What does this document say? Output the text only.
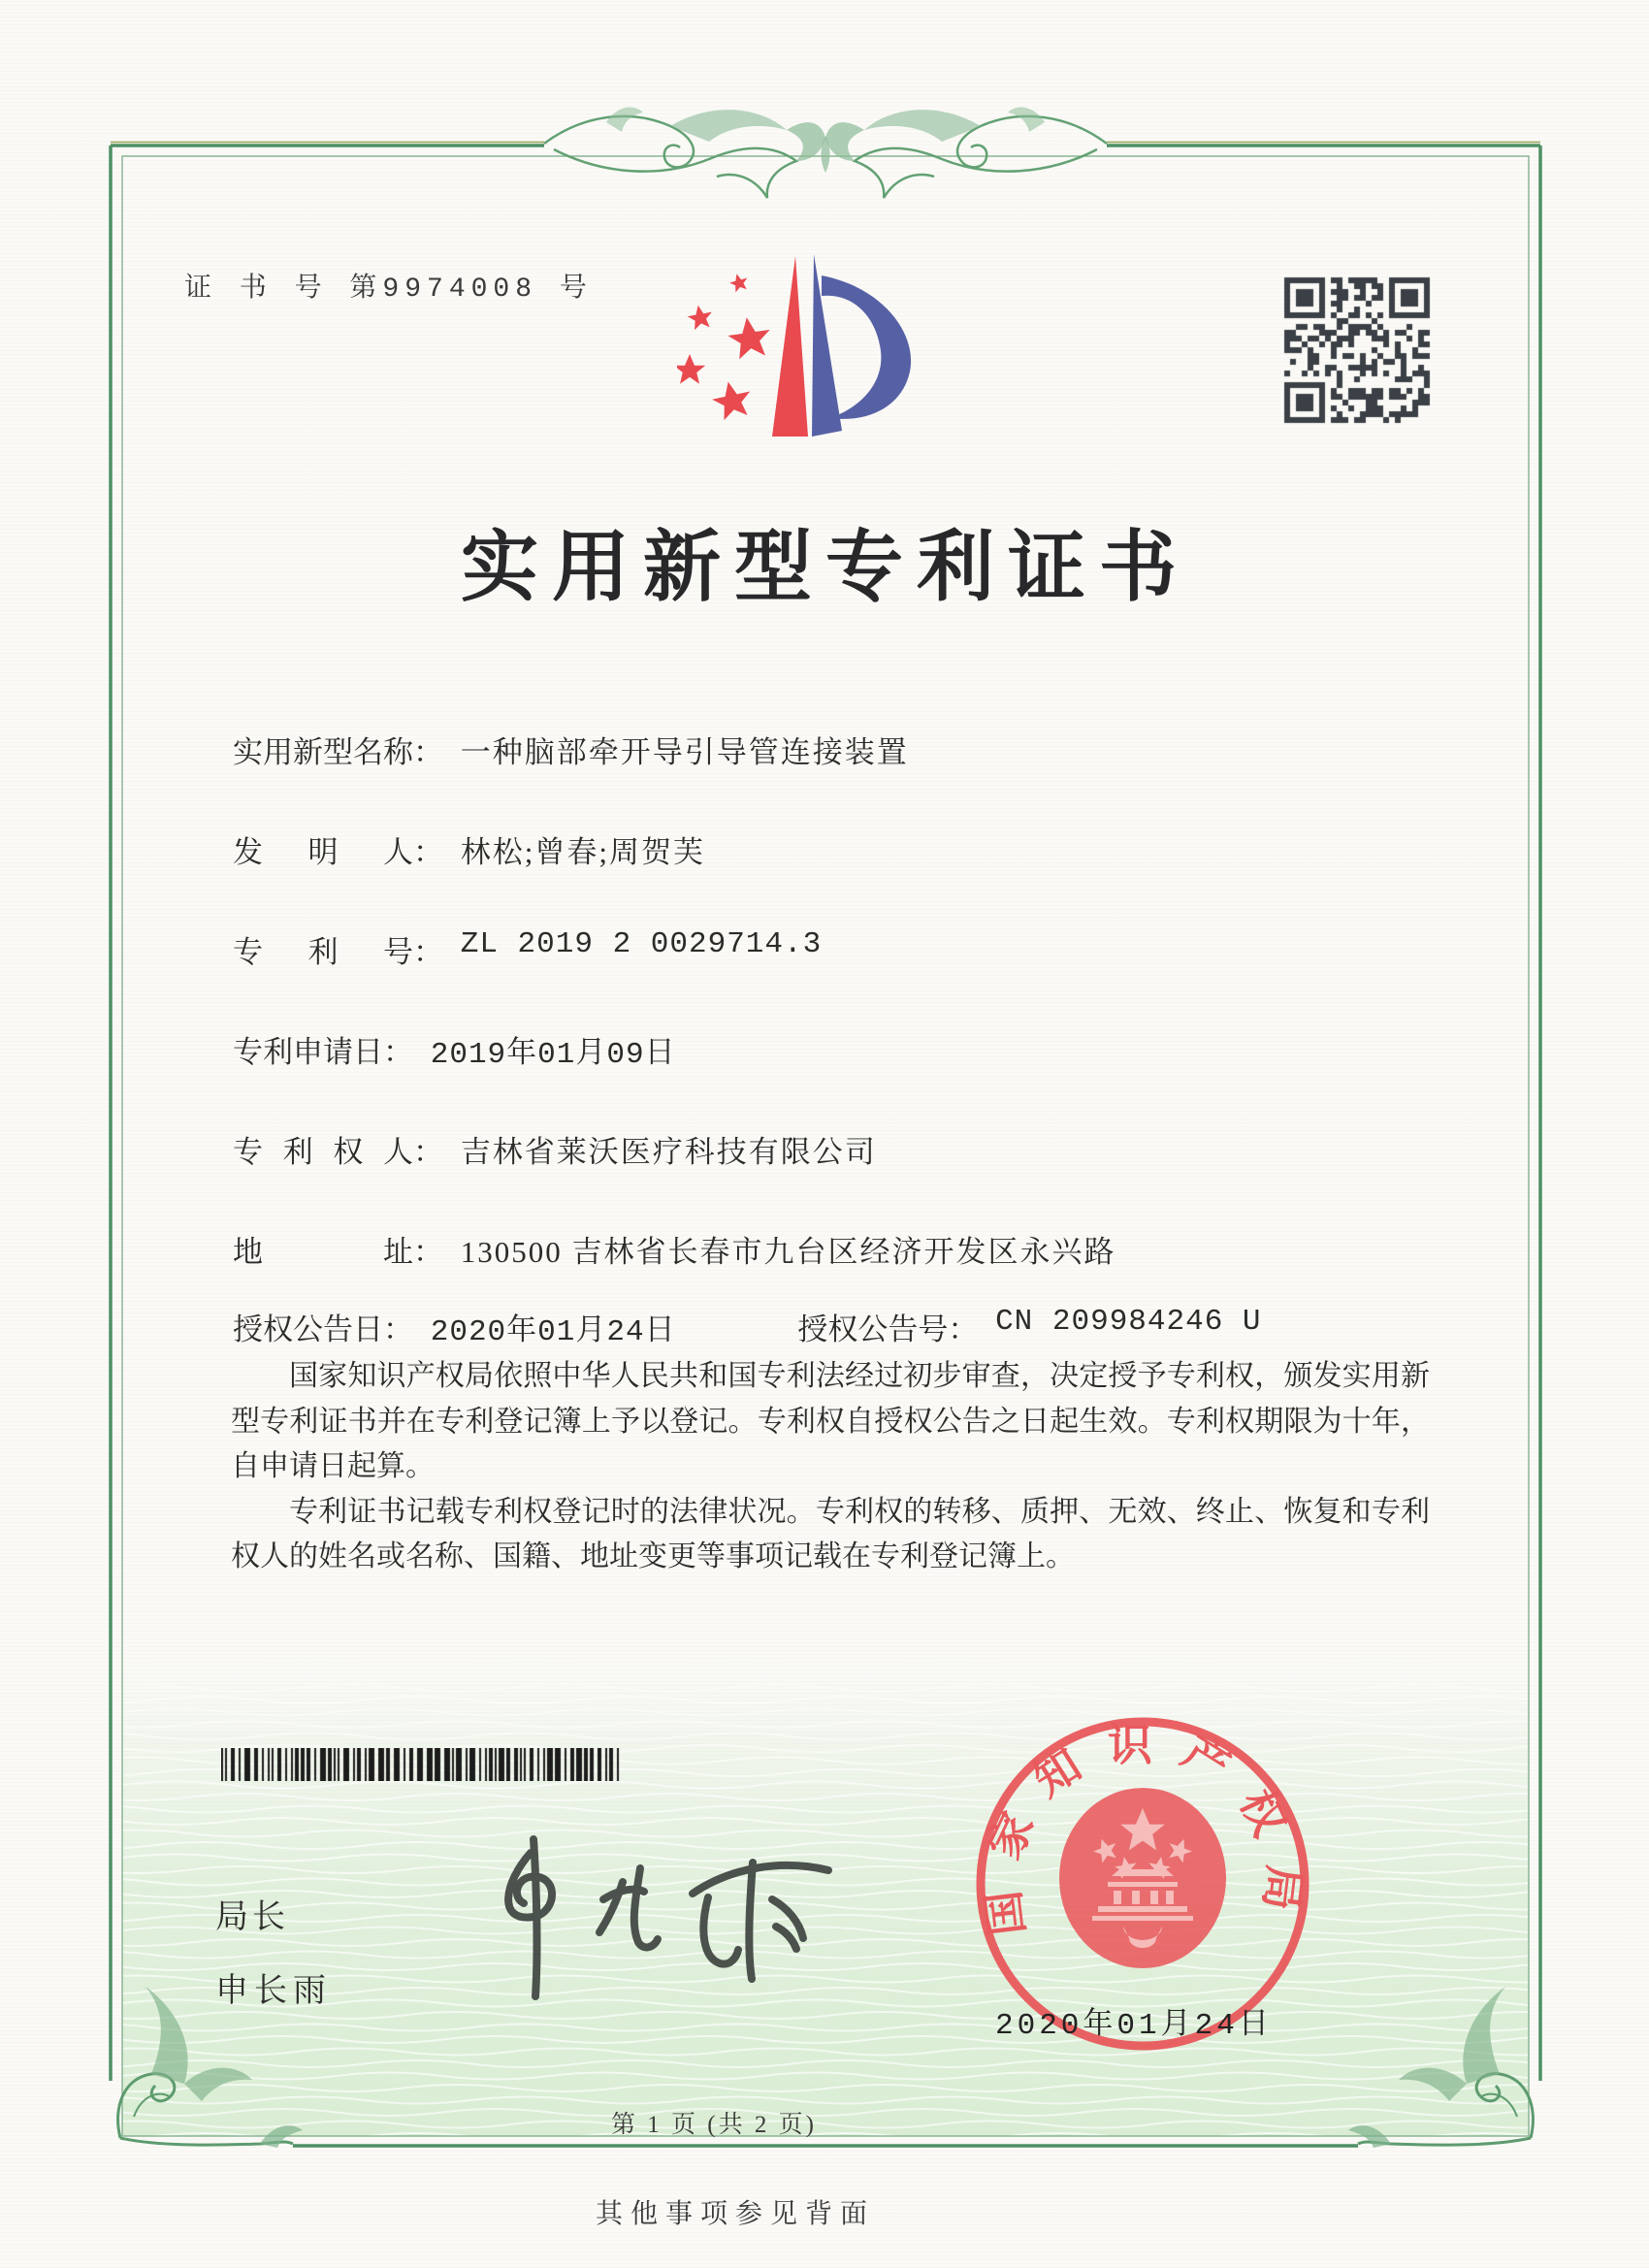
证 书 号 第9974008 号
实用新型专利证书
实用新型名称： 一种脑部牵开导引导管连接装置
发明人： 林松;曾春;周贺芙
专利号： ZL 2019 2 0029714.3
专利申请日： 2019年01月09日
专利权人： 吉林省莱沃医疗科技有限公司
地址： 130500 吉林省长春市九台区经济开发区永兴路
授权公告日： 2020年01月24日	授权公告号： CN 209984246 U

国家知识产权局依照中华人民共和国专利法经过初步审查，决定授予专利权，颁发实用新型专利证书并在专利登记簿上予以登记。专利权自授权公告之日起生效。专利权期限为十年，自申请日起算。

专利证书记载专利权登记时的法律状况。专利权的转移、质押、无效、终止、恢复和专利权人的姓名或名称、国籍、地址变更等事项记载在专利登记簿上。

局长
申长雨
国家知识产权局
2020年01月24日
第 1 页 (共 2 页)
其他事项参见背面
